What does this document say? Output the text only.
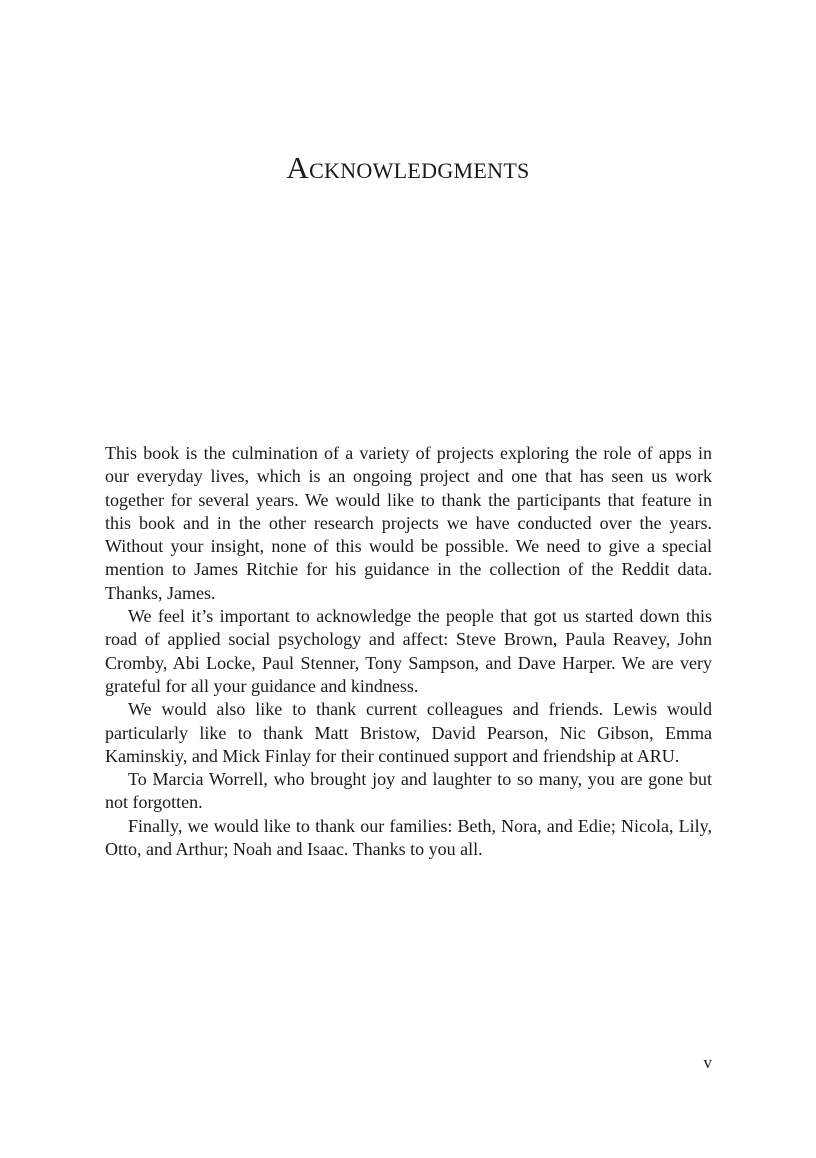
Acknowledgments

This book is the culmination of a variety of projects exploring the role of apps in our everyday lives, which is an ongoing project and one that has seen us work together for several years. We would like to thank the participants that feature in this book and in the other research projects we have conducted over the years. Without your insight, none of this would be possible. We need to give a special mention to James Ritchie for his guidance in the collection of the Reddit data. Thanks, James.

We feel it’s important to acknowledge the people that got us started down this road of applied social psychology and affect: Steve Brown, Paula Reavey, John Cromby, Abi Locke, Paul Stenner, Tony Sampson, and Dave Harper. We are very grateful for all your guidance and kindness.

We would also like to thank current colleagues and friends. Lewis would particularly like to thank Matt Bristow, David Pearson, Nic Gibson, Emma Kaminskiy, and Mick Finlay for their continued support and friendship at ARU.

To Marcia Worrell, who brought joy and laughter to so many, you are gone but not forgotten.

Finally, we would like to thank our families: Beth, Nora, and Edie; Nicola, Lily, Otto, and Arthur; Noah and Isaac. Thanks to you all.

v
